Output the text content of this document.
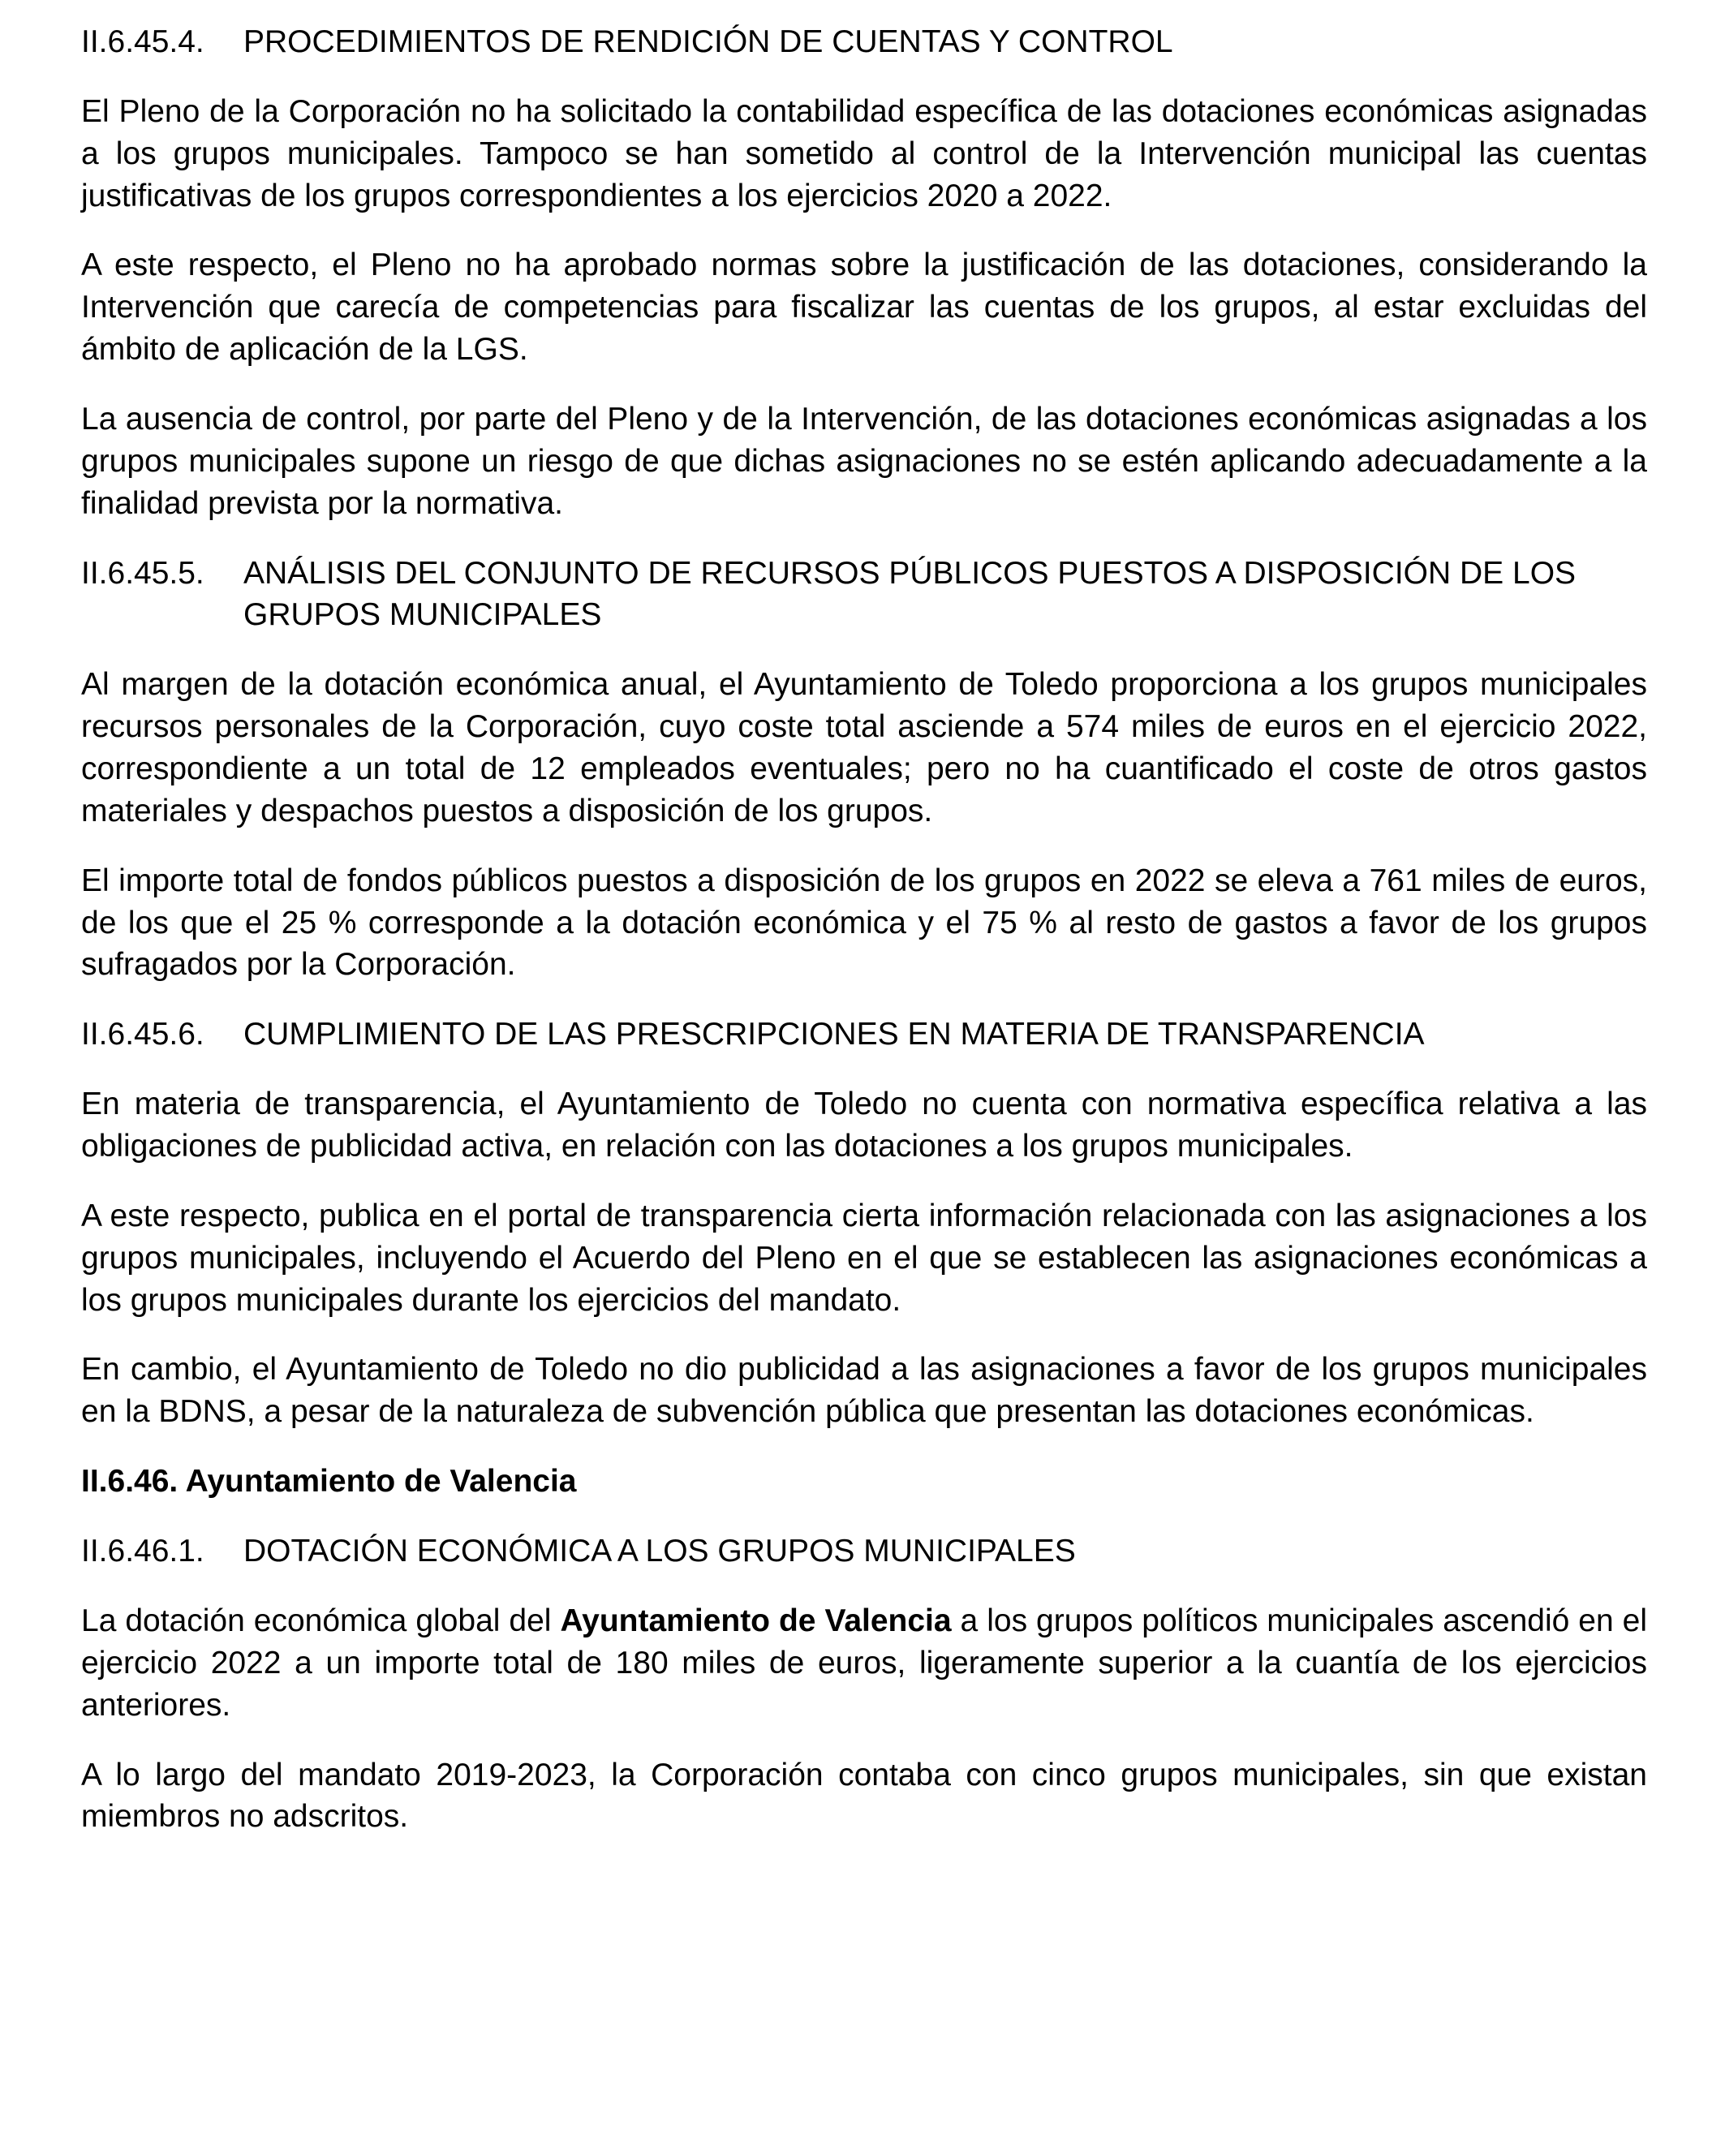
II.6.45.4.	PROCEDIMIENTOS DE RENDICIÓN DE CUENTAS Y CONTROL

El Pleno de la Corporación no ha solicitado la contabilidad específica de las dotaciones económicas asignadas a los grupos municipales. Tampoco se han sometido al control de la Intervención municipal las cuentas justificativas de los grupos correspondientes a los ejercicios 2020 a 2022.

A este respecto, el Pleno no ha aprobado normas sobre la justificación de las dotaciones, considerando la Intervención que carecía de competencias para fiscalizar las cuentas de los grupos, al estar excluidas del ámbito de aplicación de la LGS.

La ausencia de control, por parte del Pleno y de la Intervención, de las dotaciones económicas asignadas a los grupos municipales supone un riesgo de que dichas asignaciones no se estén aplicando adecuadamente a la finalidad prevista por la normativa.

II.6.45.5.	ANÁLISIS DEL CONJUNTO DE RECURSOS PÚBLICOS PUESTOS A DISPOSICIÓN DE LOS GRUPOS MUNICIPALES

Al margen de la dotación económica anual, el Ayuntamiento de Toledo proporciona a los grupos municipales recursos personales de la Corporación, cuyo coste total asciende a 574 miles de euros en el ejercicio 2022, correspondiente a un total de 12 empleados eventuales; pero no ha cuantificado el coste de otros gastos materiales y despachos puestos a disposición de los grupos.

El importe total de fondos públicos puestos a disposición de los grupos en 2022 se eleva a 761 miles de euros, de los que el 25 % corresponde a la dotación económica y el 75 % al resto de gastos a favor de los grupos sufragados por la Corporación.

II.6.45.6.	CUMPLIMIENTO DE LAS PRESCRIPCIONES EN MATERIA DE TRANSPARENCIA

En materia de transparencia, el Ayuntamiento de Toledo no cuenta con normativa específica relativa a las obligaciones de publicidad activa, en relación con las dotaciones a los grupos municipales.

A este respecto, publica en el portal de transparencia cierta información relacionada con las asignaciones a los grupos municipales, incluyendo el Acuerdo del Pleno en el que se establecen las asignaciones económicas a los grupos municipales durante los ejercicios del mandato.

En cambio, el Ayuntamiento de Toledo no dio publicidad a las asignaciones a favor de los grupos municipales en la BDNS, a pesar de la naturaleza de subvención pública que presentan las dotaciones económicas.

II.6.46. Ayuntamiento de Valencia
II.6.46.1.	DOTACIÓN ECONÓMICA A LOS GRUPOS MUNICIPALES

La dotación económica global del Ayuntamiento de Valencia a los grupos políticos municipales ascendió en el ejercicio 2022 a un importe total de 180 miles de euros, ligeramente superior a la cuantía de los ejercicios anteriores.

A lo largo del mandato 2019-2023, la Corporación contaba con cinco grupos municipales, sin que existan miembros no adscritos.
